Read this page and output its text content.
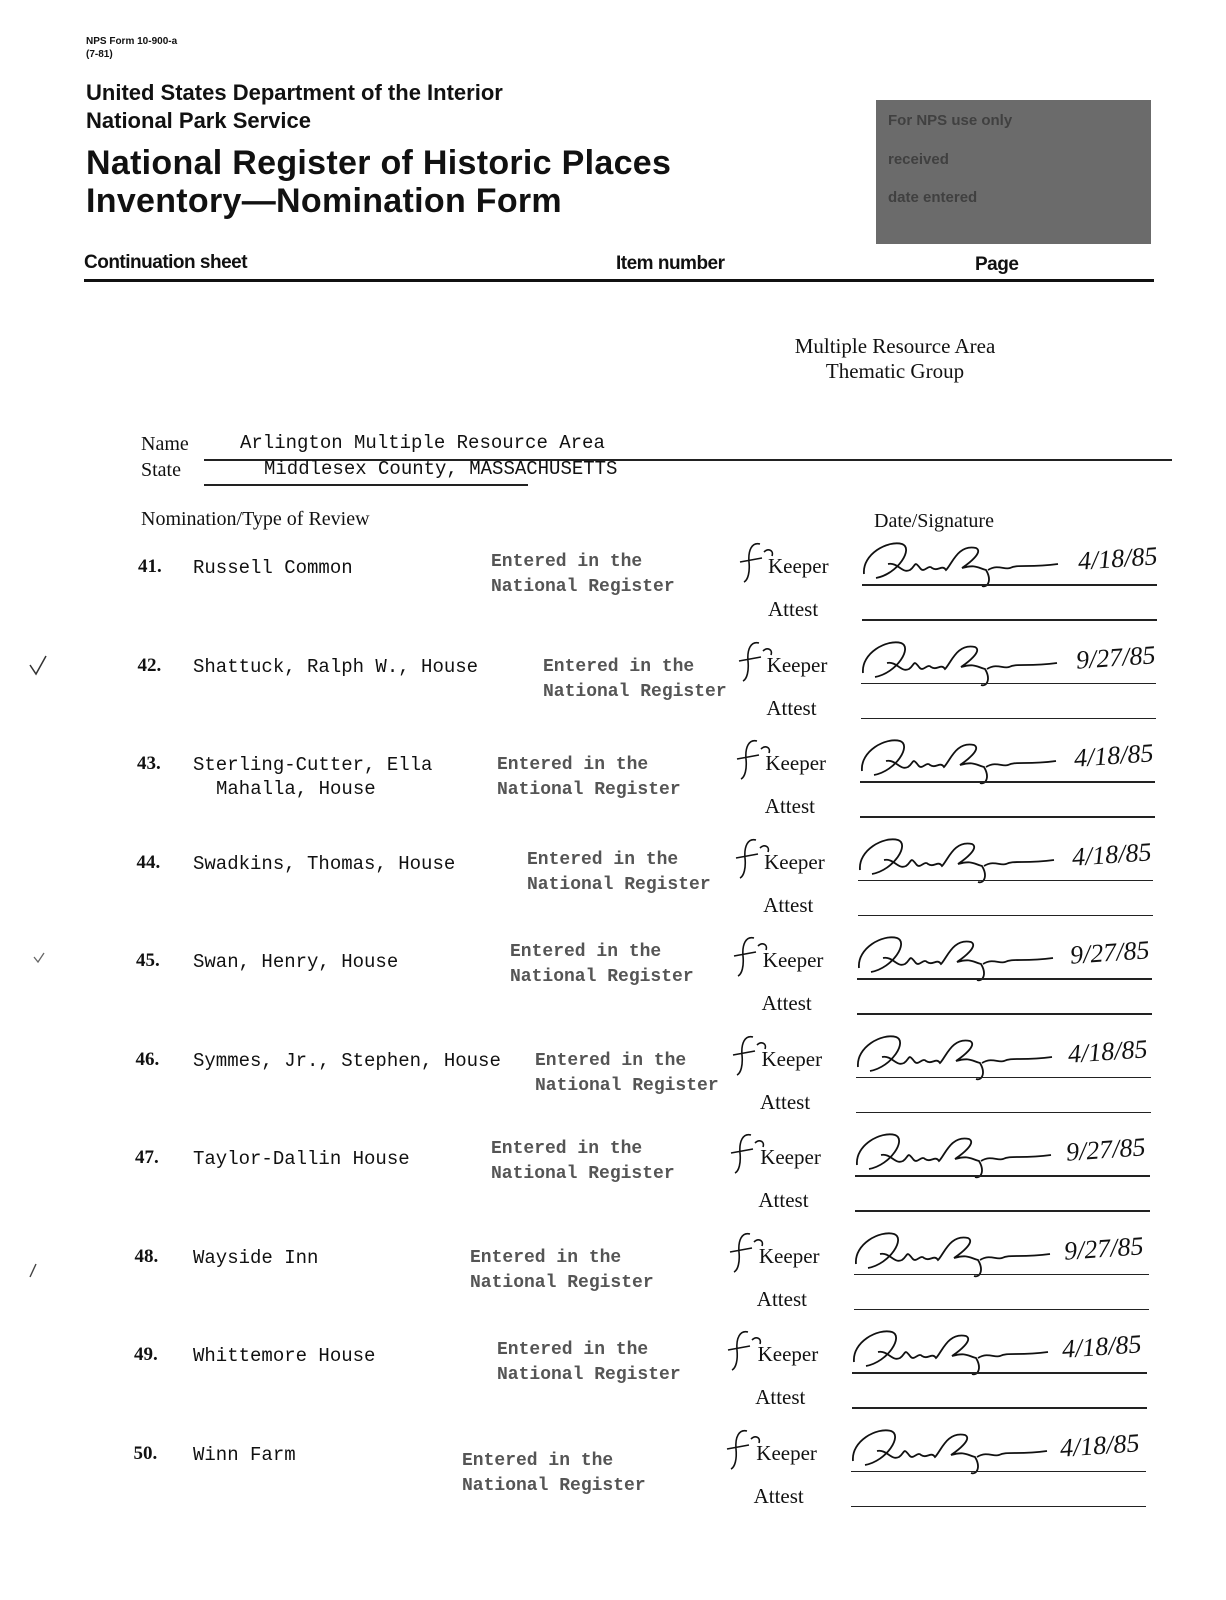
NPS Form 10-900-a
(7-81)
United States Department of the Interior
National Park Service
National Register of Historic Places
Inventory—Nomination Form
For NPS use only
received
date entered
Continuation sheet	Item number	Page
Multiple Resource Area
Thematic Group
Name	Arlington Multiple Resource Area
State	Middlesex County, MASSACHUSETTS
Nomination/Type of Review	Date/Signature
41. Russell Common	Entered in the
National Register
Keeper	4/18/85
Attest
42. Shattuck, Ralph W., House	Entered in the
National Register
Keeper	9/27/85
Attest
43. Sterling-Cutter, Ella
Mahalla, House
Entered in the
National Register
Keeper	4/18/85
Attest
44. Swadkins, Thomas, House	Entered in the
National Register
Keeper	4/18/85
Attest
45. Swan, Henry, House	Entered in the
National Register
Keeper	9/27/85
Attest
46. Symmes, Jr., Stephen, House Entered in the
National Register
Keeper	4/18/85
Attest
47. Taylor-Dallin House	Entered in the
National Register
Keeper	9/27/85
Attest
48. Wayside Inn	Entered in the
National Register
Keeper	9/27/85
Attest
49. Whittemore House	Entered in the
National Register
Keeper	4/18/85
Attest
50. Winn Farm	Entered in the
National Register
Keeper	4/18/85
Attest
